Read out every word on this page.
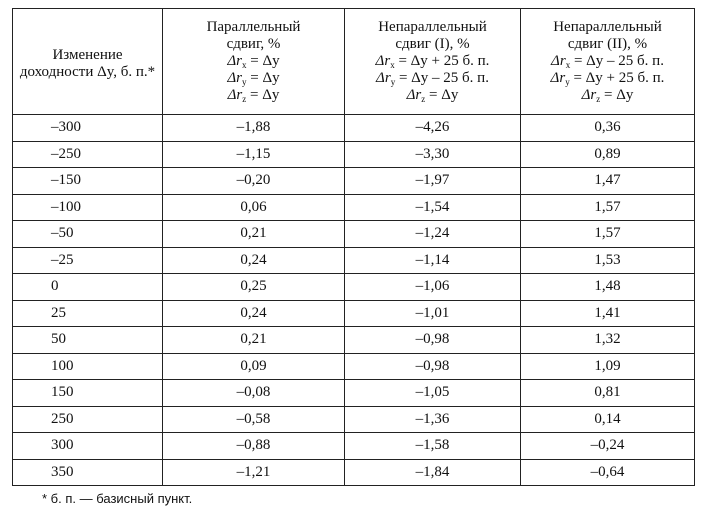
Изменение
доходности Δy, б. п.*	Параллельный
сдвиг, %
$\Delta r_x = \Delta y$
$\Delta r_y = \Delta y$
$\Delta r_z = \Delta y$	Непараллельный
сдвиг (I), %
$\Delta r_x = \Delta y + 25$ б. п.
$\Delta r_y = \Delta y - 25$ б. п.
$\Delta r_z = \Delta y$	Непараллельный
сдвиг (II), %
$\Delta r_x = \Delta y - 25$ б. п.
$\Delta r_y = \Delta y + 25$ б. п.
$\Delta r_z = \Delta y$

–300	–1,88	–4,26	0,36
–250	–1,15	–3,30	0,89
–150	–0,20	–1,97	1,47
–100	0,06	–1,54	1,57
–50	0,21	–1,24	1,57
–25	0,24	–1,14	1,53
0	0,25	–1,06	1,48
25	0,24	–1,01	1,41
50	0,21	–0,98	1,32
100	0,09	–0,98	1,09
150	–0,08	–1,05	0,81
250	–0,58	–1,36	0,14
300	–0,88	–1,58	–0,24
350	–1,21	–1,84	–0,64
* б. п. — базисный пункт.
